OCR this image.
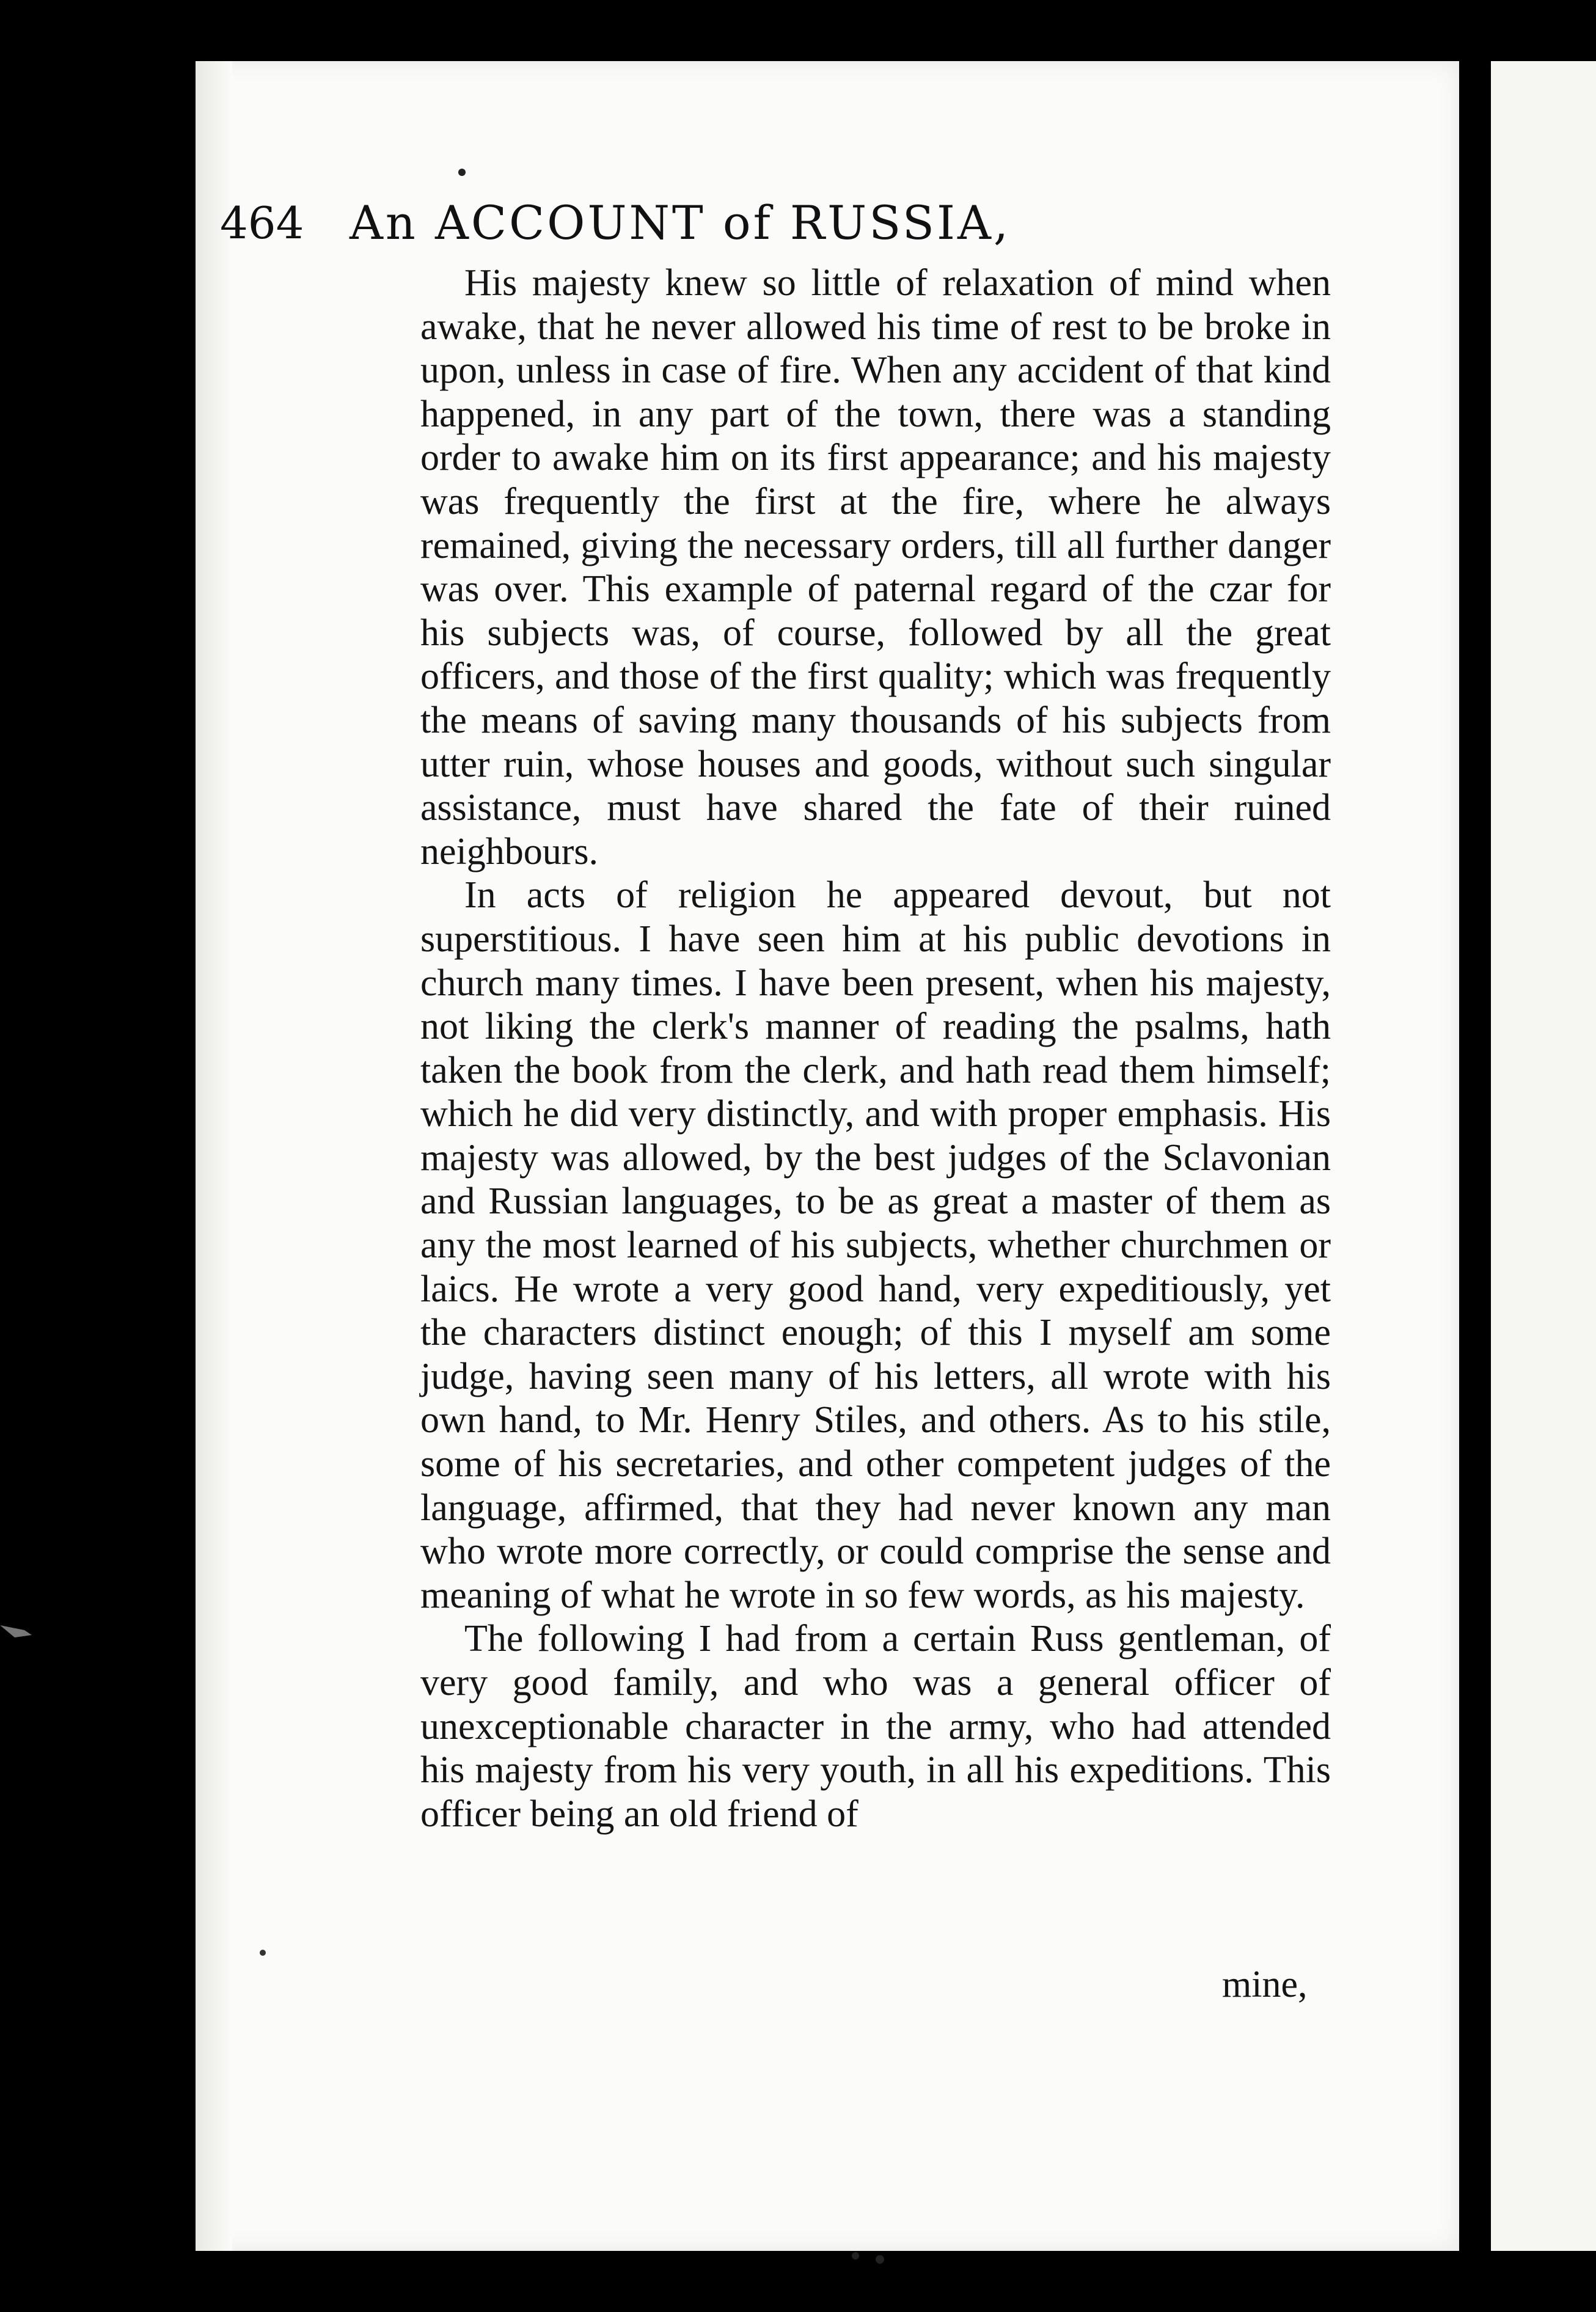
464 An ACCOUNT of RUSSIA,

His majesty knew so little of relaxation of mind when awake, that he never allowed his time of rest to be broke in upon, unless in case of fire. When any accident of that kind happened, in any part of the town, there was a standing order to awake him on its first appearance; and his majesty was frequently the first at the fire, where he always remained, giving the necessary orders, till all further danger was over. This example of paternal regard of the czar for his subjects was, of course, followed by all the great officers, and those of the first quality; which was frequently the means of saving many thousands of his subjects from utter ruin, whose houses and goods, without such singular assistance, must have shared the fate of their ruined neighbours.

In acts of religion he appeared devout, but not superstitious. I have seen him at his public devotions in church many times. I have been present, when his majesty, not liking the clerk's manner of reading the psalms, hath taken the book from the clerk, and hath read them himself; which he did very distinctly, and with proper emphasis. His majesty was allowed, by the best judges of the Sclavonian and Russian languages, to be as great a master of them as any the most learned of his subjects, whether churchmen or laics. He wrote a very good hand, very expeditiously, yet the characters distinct enough; of this I myself am some judge, having seen many of his letters, all wrote with his own hand, to Mr. Henry Stiles, and others. As to his stile, some of his secretaries, and other competent judges of the language, affirmed, that they had never known any man who wrote more correctly, or could comprise the sense and meaning of what he wrote in so few words, as his majesty.

The following I had from a certain Russ gentleman, of very good family, and who was a general officer of unexceptionable character in the army, who had attended his majesty from his very youth, in all his expeditions. This officer being an old friend of

mine,
